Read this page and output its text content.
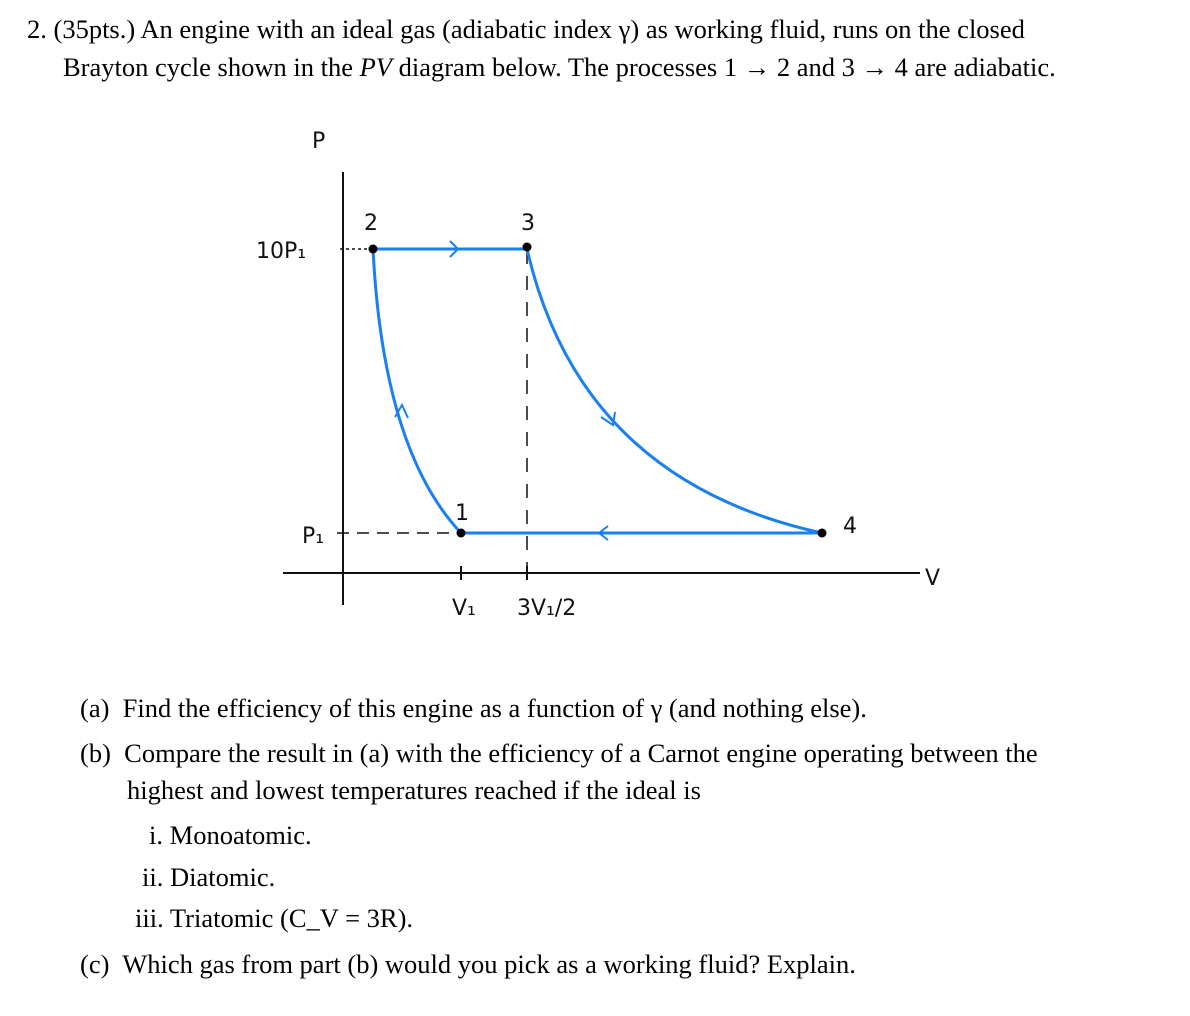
2. (35pts.) An engine with an ideal gas (adiabatic index γ) as working fluid, runs on the closed
Brayton cycle shown in the PV diagram below. The processes 1 → 2 and 3 → 4 are adiabatic.
P
V
10P₁
P₁
V₁ 3V₁/2
1
2	3
4
(a) Find the efficiency of this engine as a function of γ (and nothing else).
(b) Compare the result in (a) with the efficiency of a Carnot engine operating between the
highest and lowest temperatures reached if the ideal is
i. Monoatomic.
ii. Diatomic.
iii. Triatomic (C_V = 3R).
(c) Which gas from part (b) would you pick as a working fluid? Explain.
